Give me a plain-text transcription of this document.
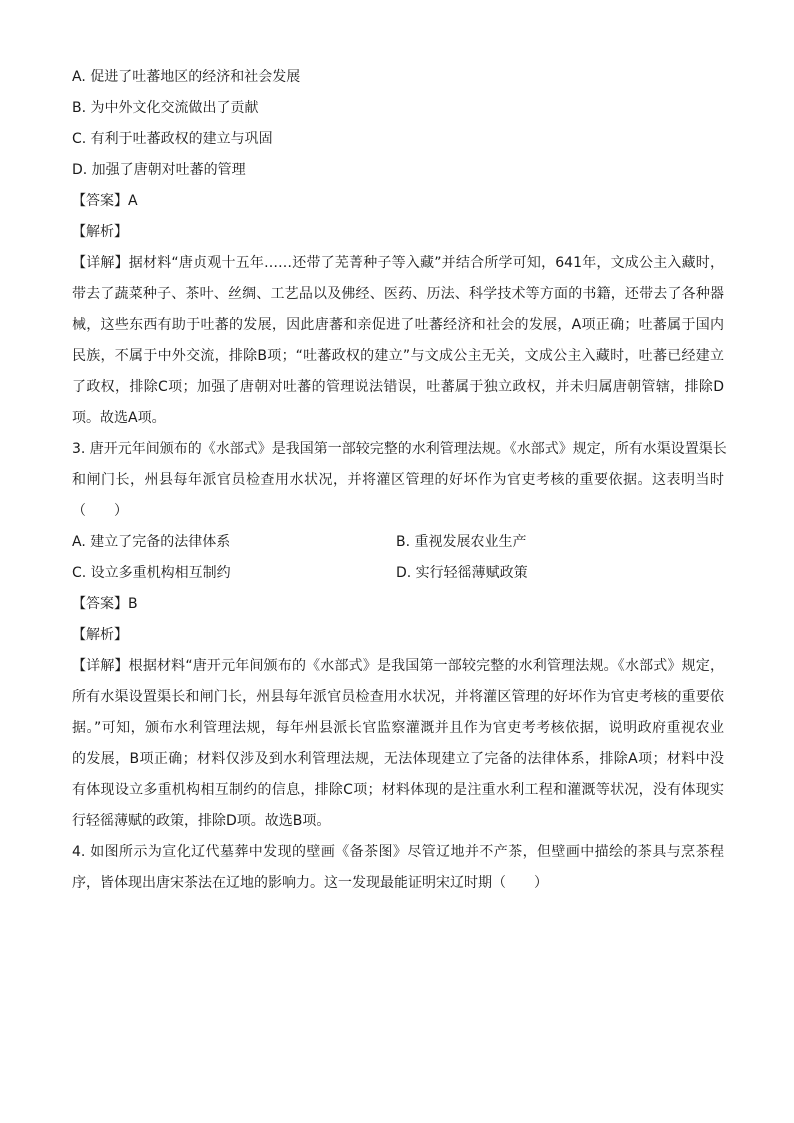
A. 促进了吐蕃地区的经济和社会发展
B. 为中外文化交流做出了贡献
C. 有利于吐蕃政权的建立与巩固
D. 加强了唐朝对吐蕃的管理
【答案】A
【解析】
【详解】据材料“唐贞观十五年……还带了芜菁种子等入藏”并结合所学可知，641年，文成公主入藏时，
带去了蔬菜种子、茶叶、丝绸、工艺品以及佛经、医药、历法、科学技术等方面的书籍，还带去了各种器
械，这些东西有助于吐蕃的发展，因此唐蕃和亲促进了吐蕃经济和社会的发展，A项正确；吐蕃属于国内
民族，不属于中外交流，排除B项；“吐蕃政权的建立”与文成公主无关，文成公主入藏时，吐蕃已经建立
了政权，排除C项；加强了唐朝对吐蕃的管理说法错误，吐蕃属于独立政权，并未归属唐朝管辖，排除D
项。故选A项。
3. 唐开元年间颁布的《水部式》是我国第一部较完整的水利管理法规。《水部式》规定，所有水渠设置渠长
和闸门长，州县每年派官员检查用水状况，并将灌区管理的好坏作为官吏考核的重要依据。这表明当时
（　　）
A. 建立了完备的法律体系	B. 重视发展农业生产
C. 设立多重机构相互制约	D. 实行轻徭薄赋政策
【答案】B
【解析】
【详解】根据材料“唐开元年间颁布的《水部式》是我国第一部较完整的水利管理法规。《水部式》规定，
所有水渠设置渠长和闸门长，州县每年派官员检查用水状况，并将灌区管理的好坏作为官吏考核的重要依
据。”可知，颁布水利管理法规，每年州县派长官监察灌溉并且作为官吏考考核依据，说明政府重视农业
的发展，B项正确；材料仅涉及到水利管理法规，无法体现建立了完备的法律体系，排除A项；材料中没
有体现设立多重机构相互制约的信息，排除C项；材料体现的是注重水利工程和灌溉等状况，没有体现实
行轻徭薄赋的政策，排除D项。故选B项。
4. 如图所示为宣化辽代墓葬中发现的壁画《备茶图》尽管辽地并不产茶，但壁画中描绘的茶具与烹茶程
序，皆体现出唐宋茶法在辽地的影响力。这一发现最能证明宋辽时期（　　）
